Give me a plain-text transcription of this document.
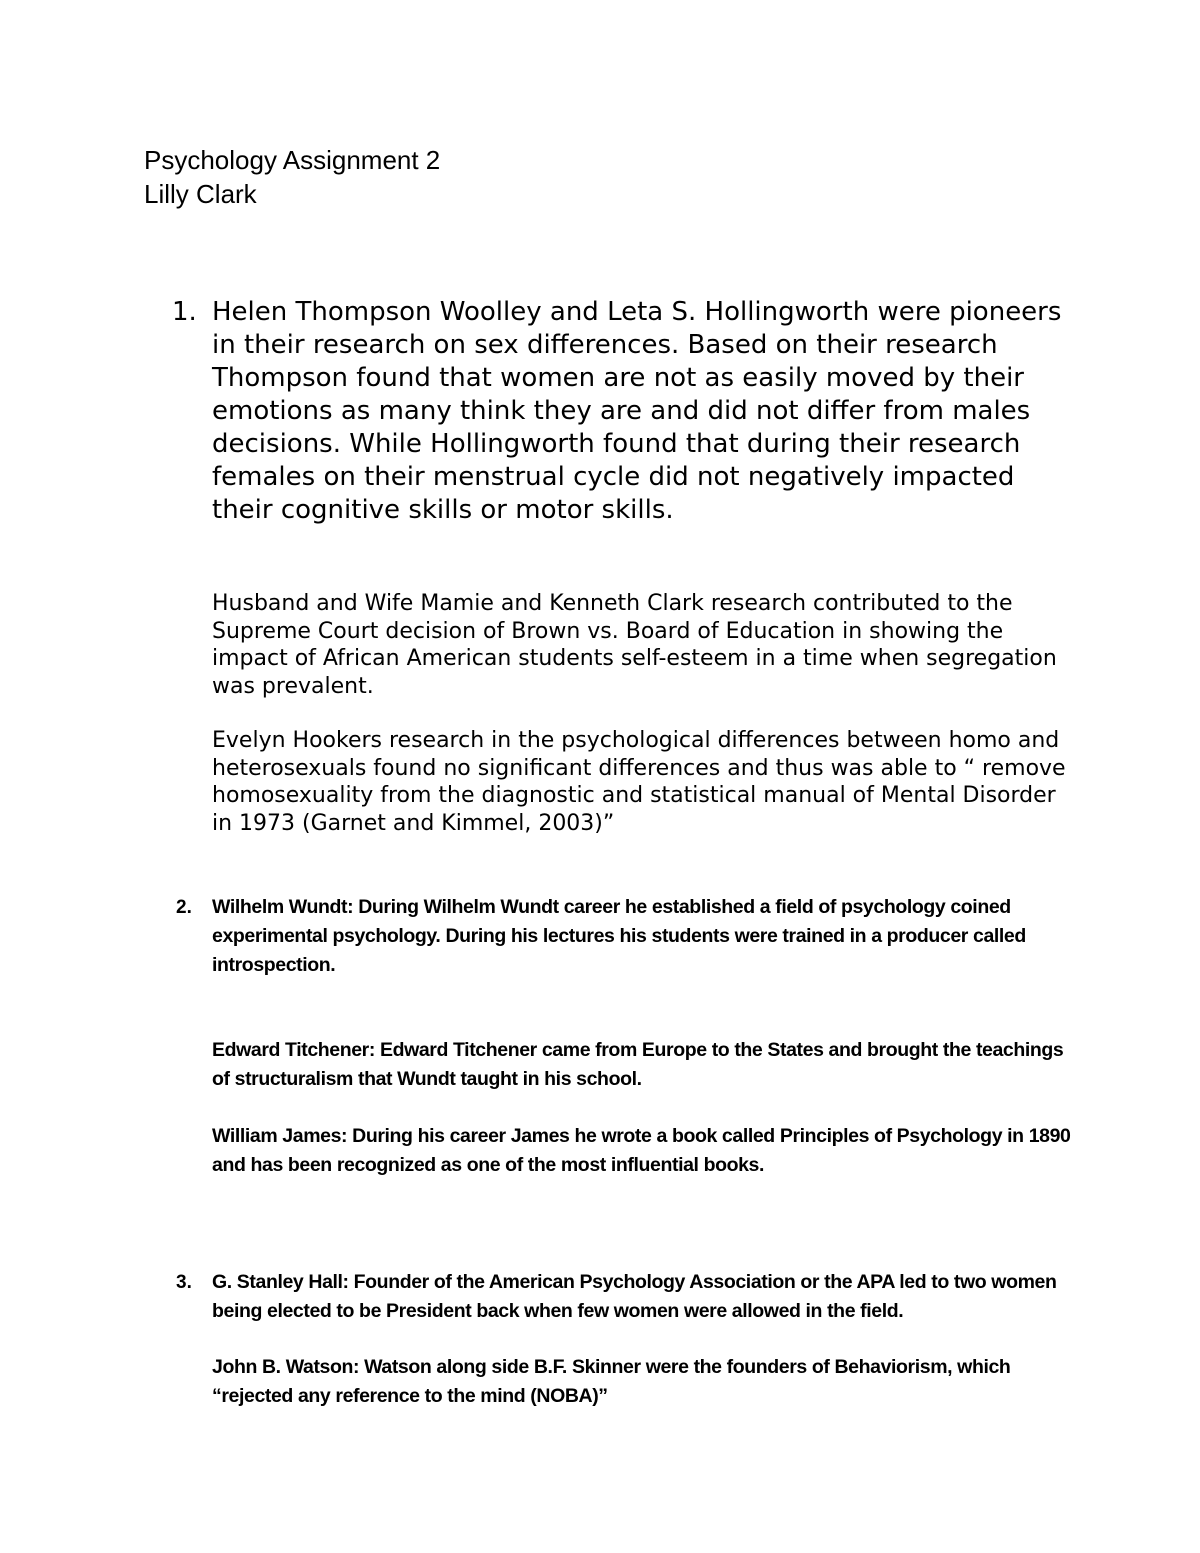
Psychology Assignment 2
Lilly Clark
1. Helen Thompson Woolley and Leta S. Hollingworth were pioneers in their research on sex differences. Based on their research Thompson found that women are not as easily moved by their emotions as many think they are and did not differ from males decisions. While Hollingworth found that during their research females on their menstrual cycle did not negatively impacted their cognitive skills or motor skills.
Husband and Wife Mamie and Kenneth Clark research contributed to the Supreme Court decision of Brown vs. Board of Education in showing the impact of African American students self-esteem in a time when segregation was prevalent.
Evelyn Hookers research in the psychological differences between homo and heterosexuals found no significant differences and thus was able to “ remove homosexuality from the diagnostic and statistical manual of Mental Disorder in 1973 (Garnet and Kimmel, 2003)”
2. Wilhelm Wundt: During Wilhelm Wundt career he established a field of psychology coined experimental psychology. During his lectures his students were trained in a producer called introspection.
Edward Titchener: Edward Titchener came from Europe to the States and brought the teachings of structuralism that Wundt taught in his school.
William James: During his career James he wrote a book called Principles of Psychology in 1890 and has been recognized as one of the most influential books.
3. G. Stanley Hall: Founder of the American Psychology Association or the APA led to two women being elected to be President back when few women were allowed in the field.
John B. Watson: Watson along side B.F. Skinner were the founders of Behaviorism, which “rejected any reference to the mind (NOBA)”
